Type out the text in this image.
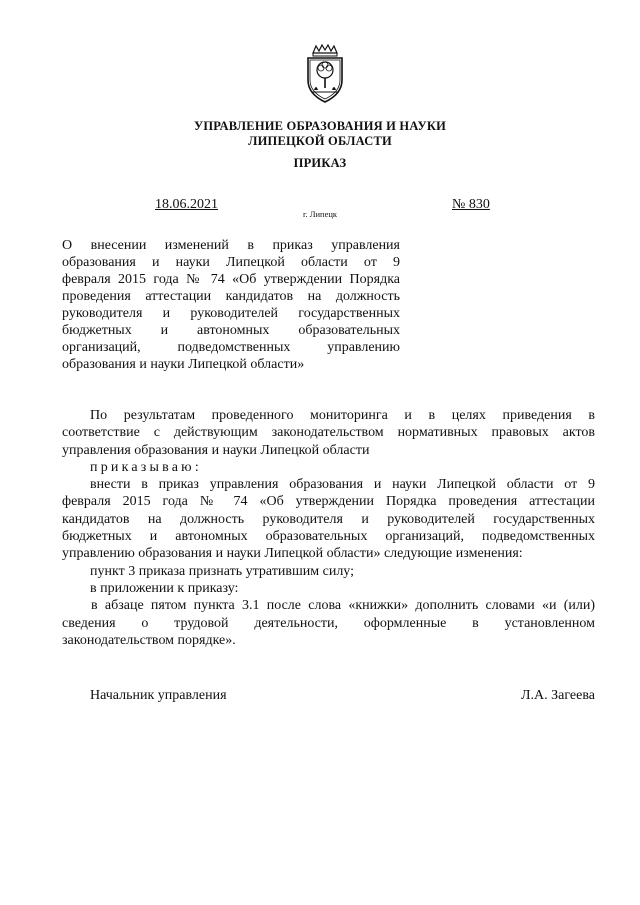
УПРАВЛЕНИЕ ОБРАЗОВАНИЯ И НАУКИ
ЛИПЕЦКОЙ ОБЛАСТИ
ПРИКАЗ
18.06.2021
г. Липецк
№ 830
О внесении изменений в приказ управления
образования и науки Липецкой области от 9
февраля 2015 года № 74 «Об утверждении Порядка
проведения аттестации кандидатов на должность
руководителя и руководителей государственных
бюджетных и автономных образовательных
организаций, подведомственных управлению
образования и науки Липецкой области»
По результатам проведенного мониторинга и в целях приведения в
соответствие с действующим законодательством нормативных правовых актов
управления образования и науки Липецкой области
приказываю:
внести в приказ управления образования и науки Липецкой области от 9
февраля 2015 года № 74 «Об утверждении Порядка проведения аттестации
кандидатов на должность руководителя и руководителей государственных
бюджетных и автономных образовательных организаций, подведомственных
управлению образования и науки Липецкой области» следующие изменения:
пункт 3 приказа признать утратившим силу;
в приложении к приказу:
в абзаце пятом пункта 3.1 после слова «книжки» дополнить словами «и (или)
сведения о трудовой деятельности, оформленные в установленном
законодательством порядке».
Начальник управления	Л.А. Загеева
